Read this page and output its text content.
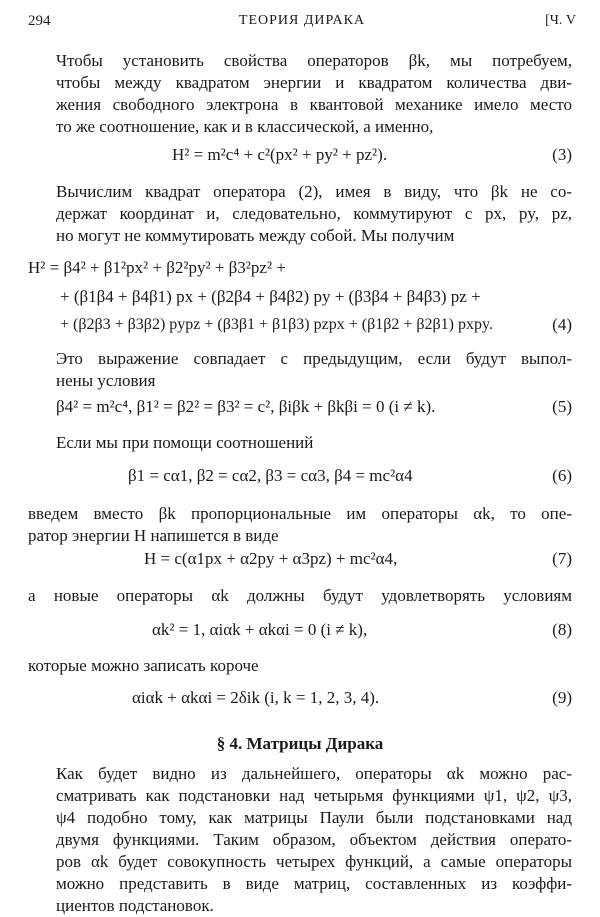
294	ТЕОРИЯ ДИРАКА	[Ч. V
Чтобы установить свойства операторов βk, мы потребуем,
чтобы между квадратом энергии и квадратом количества дви-
жения свободного электрона в квантовой механике имело место
то же соотношение, как и в классической, а именно,
H² = m²c⁴ + c²(px² + py² + pz²).	(3)
Вычислим квадрат оператора (2), имея в виду, что βk не со-
держат координат и, следовательно, коммутируют с px, py, pz,
но могут не коммутировать между собой. Мы получим
H² = β4² + β1²px² + β2²py² + β3²pz² +
+ (β1β4 + β4β1) px + (β2β4 + β4β2) py + (β3β4 + β4β3) pz +
+ (β2β3 + β3β2) pypz + (β3β1 + β1β3) pzpx + (β1β2 + β2β1) pxpy.	(4)
Это выражение совпадает с предыдущим, если будут выпол-
нены условия
β4² = m²c⁴, β1² = β2² = β3² = c², βiβk + βkβi = 0 (i ≠ k).	(5)
Если мы при помощи соотношений
β1 = cα1, β2 = cα2, β3 = cα3, β4 = mc²α4	(6)
введем вместо βk пропорциональные им операторы αk, то опе-
ратор энергии H напишется в виде
H = c(α1px + α2py + α3pz) + mc²α4,	(7)
а новые операторы αk должны будут удовлетворять условиям
αk² = 1, αiαk + αkαi = 0 (i ≠ k),	(8)
которые можно записать короче
αiαk + αkαi = 2δik (i, k = 1, 2, 3, 4).	(9)
§ 4. Матрицы Дирака
Как будет видно из дальнейшего, операторы αk можно рас-
сматривать как подстановки над четырьмя функциями ψ1, ψ2, ψ3,
ψ4 подобно тому, как матрицы Паули были подстановками над
двумя функциями. Таким образом, объектом действия операто-
ров αk будет совокупность четырех функций, а самые операторы
можно представить в виде матриц, составленных из коэффи-
циентов подстановок.
